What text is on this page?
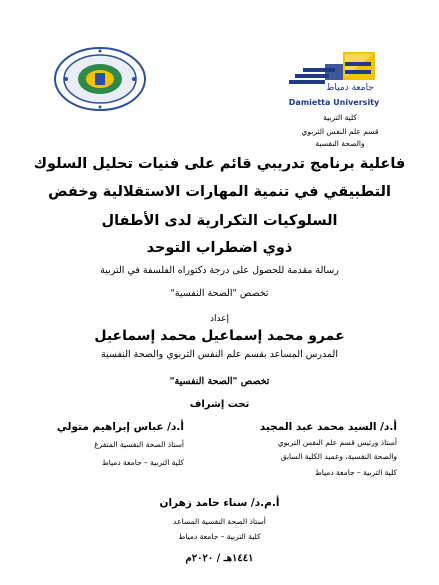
جامعة دمياط
Damietta University
كلية التربية
قسم علم النفس التربوي
والصحة النفسية
فاعلية برنامج تدريبي قائم على فنيات تحليل السلوك
التطبيقي في تنمية المهارات الاستقلالية وخفض
السلوكيات التكرارية لدى الأطفال
ذوي اضطراب التوحد
رسالة مقدمة للحصول على درجة دكتوراه الفلسفة في التربية
تخصص "الصحة النفسية"
إعداد
عمرو محمد إسماعيل محمد إسماعيل
المدرس المساعد بقسم علم النفس التربوي والصحة النفسية
تخصص "الصحة النفسية"
تحت إشراف
أ.د/ السيد محمد عبد المجيد
أستاذ ورئيس قسم علم النفس التربوي
والصحة النفسية، وعميد الكلية السابق
كلية التربية – جامعة دمياط
أ.د/ عباس إبراهيم متولي
أستاذ الصحة النفسية المتفرغ
كلية التربية – جامعة دمياط
أ.م.د/ سناء حامد زهران
أستاذ الصحة النفسية المساعد
كلية التربية – جامعة دمياط
١٤٤١هـ / ٢٠٢٠م
